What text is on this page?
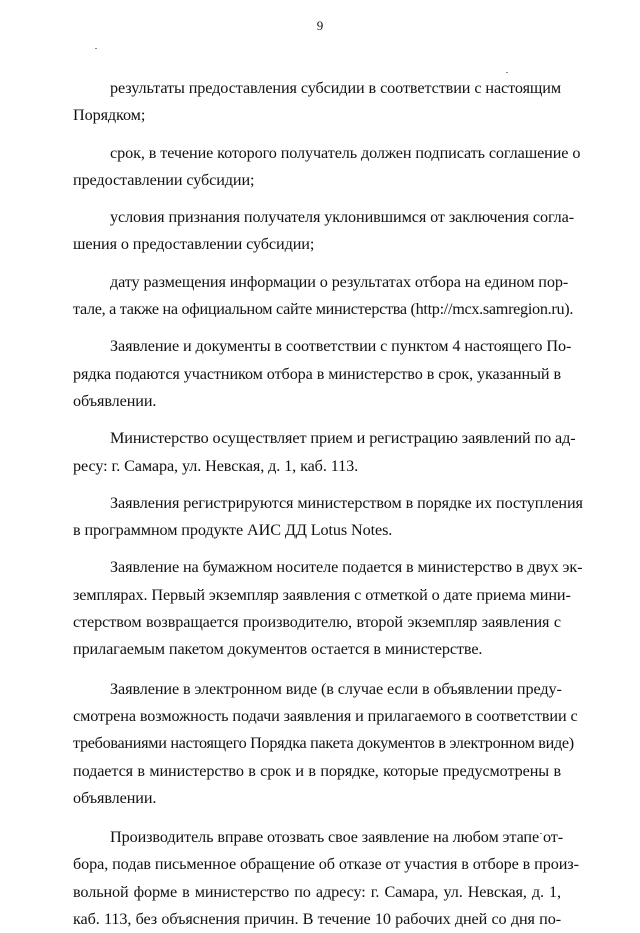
9

результаты предоставления субсидии в соответствии с настоящим
Порядком;

срок, в течение которого получатель должен подписать соглашение о
предоставлении субсидии;

условия признания получателя уклонившимся от заключения согла-
шения о предоставлении субсидии;

дату размещения информации о результатах отбора на едином пор-
тале, а также на официальном сайте министерства (http://mcx.samregion.ru).

Заявление и документы в соответствии с пунктом 4 настоящего По-
рядка подаются участником отбора в министерство в срок, указанный в
объявлении.

Министерство осуществляет прием и регистрацию заявлений по ад-
ресу: г. Самара, ул. Невская, д. 1, каб. 113.

Заявления регистрируются министерством в порядке их поступления
в программном продукте АИС ДД Lotus Notes.

Заявление на бумажном носителе подается в министерство в двух эк-
земплярах. Первый экземпляр заявления с отметкой о дате приема мини-
стерством возвращается производителю, второй экземпляр заявления с
прилагаемым пакетом документов остается в министерстве.

Заявление в электронном виде (в случае если в объявлении преду-
смотрена возможность подачи заявления и прилагаемого в соответствии с
требованиями настоящего Порядка пакета документов в электронном виде)
подается в министерство в срок и в порядке, которые предусмотрены в
объявлении.

Производитель вправе отозвать свое заявление на любом этапе от-
бора, подав письменное обращение об отказе от участия в отборе в произ-
вольной форме в министерство по адресу: г. Самара, ул. Невская, д. 1,
каб. 113, без объяснения причин. В течение 10 рабочих дней со дня по-
